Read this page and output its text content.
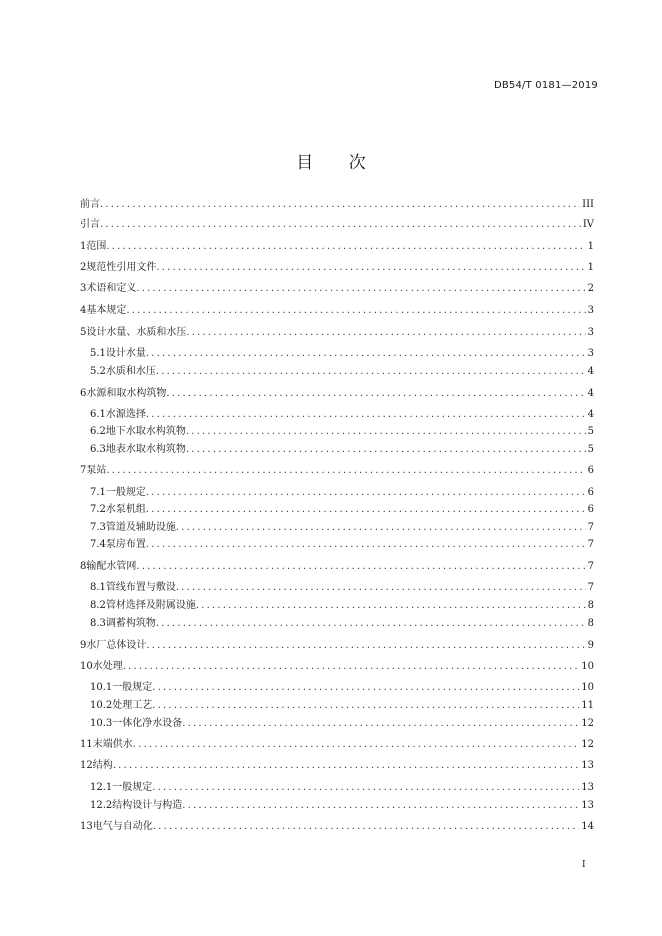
DB54/T 0181—2019
目 次
前言 .....	III
引言 .....	IV
1 范围 .....	1
2 规范性引用文件 .....	1
3 术语和定义 .....	2
4 基本规定 .....	3
5 设计水量、水质和水压 .....	3
5.1 设计水量 .....	3
5.2 水质和水压 .....	4
6 水源和取水构筑物 .....	4
6.1 水源选择 .....	4
6.2 地下水取水构筑物 .....	5
6.3 地表水取水构筑物 .....	5
7 泵站 .....	6
7.1 一般规定 .....	6
7.2 水泵机组 .....	6
7.3 管道及辅助设施 .....	7
7.4 泵房布置 .....	7
8 输配水管网 .....	7
8.1 管线布置与敷设 .....	7
8.2 管材选择及附属设施 .....	8
8.3 调蓄构筑物 .....	8
9 水厂总体设计 .....	9
10 水处理 .....	10
10.1 一般规定 .....	10
10.2 处理工艺 .....	11
10.3 一体化净水设备 .....	12
11 末端供水 .....	12
12 结构 .....	13
12.1 一般规定 .....	13
12.2 结构设计与构造 .....	13
13 电气与自动化 .....	14
I
